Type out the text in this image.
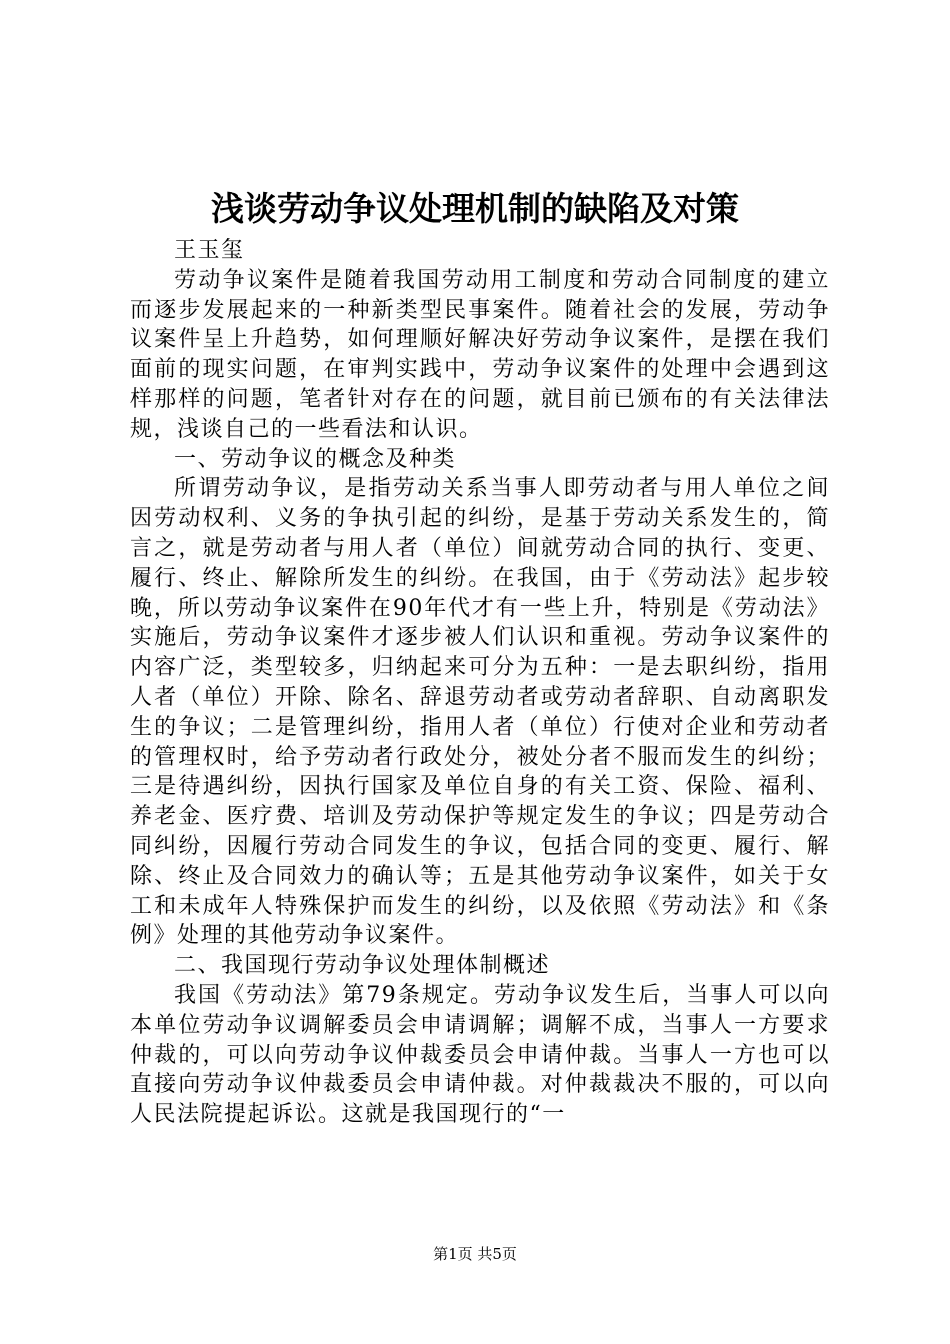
浅谈劳动争议处理机制的缺陷及对策

王玉玺

劳动争议案件是随着我国劳动用工制度和劳动合同制度的建立而逐步发展起来的一种新类型民事案件。随着社会的发展，劳动争议案件呈上升趋势，如何理顺好解决好劳动争议案件，是摆在我们面前的现实问题，在审判实践中，劳动争议案件的处理中会遇到这样那样的问题，笔者针对存在的问题，就目前已颁布的有关法律法规，浅谈自己的一些看法和认识。

一、劳动争议的概念及种类

所谓劳动争议，是指劳动关系当事人即劳动者与用人单位之间因劳动权利、义务的争执引起的纠纷，是基于劳动关系发生的，简言之，就是劳动者与用人者（单位）间就劳动合同的执行、变更、履行、终止、解除所发生的纠纷。在我国，由于《劳动法》起步较晚，所以劳动争议案件在90年代才有一些上升，特别是《劳动法》实施后，劳动争议案件才逐步被人们认识和重视。劳动争议案件的内容广泛，类型较多，归纳起来可分为五种：一是去职纠纷，指用人者（单位）开除、除名、辞退劳动者或劳动者辞职、自动离职发生的争议；二是管理纠纷，指用人者（单位）行使对企业和劳动者的管理权时，给予劳动者行政处分，被处分者不服而发生的纠纷；三是待遇纠纷，因执行国家及单位自身的有关工资、保险、福利、养老金、医疗费、培训及劳动保护等规定发生的争议；四是劳动合同纠纷，因履行劳动合同发生的争议，包括合同的变更、履行、解除、终止及合同效力的确认等；五是其他劳动争议案件，如关于女工和未成年人特殊保护而发生的纠纷，以及依照《劳动法》和《条例》处理的其他劳动争议案件。

二、我国现行劳动争议处理体制概述

我国《劳动法》第79条规定。劳动争议发生后，当事人可以向本单位劳动争议调解委员会申请调解；调解不成，当事人一方要求仲裁的，可以向劳动争议仲裁委员会申请仲裁。当事人一方也可以直接向劳动争议仲裁委员会申请仲裁。对仲裁裁决不服的，可以向人民法院提起诉讼。这就是我国现行的“一

第1页 共5页
